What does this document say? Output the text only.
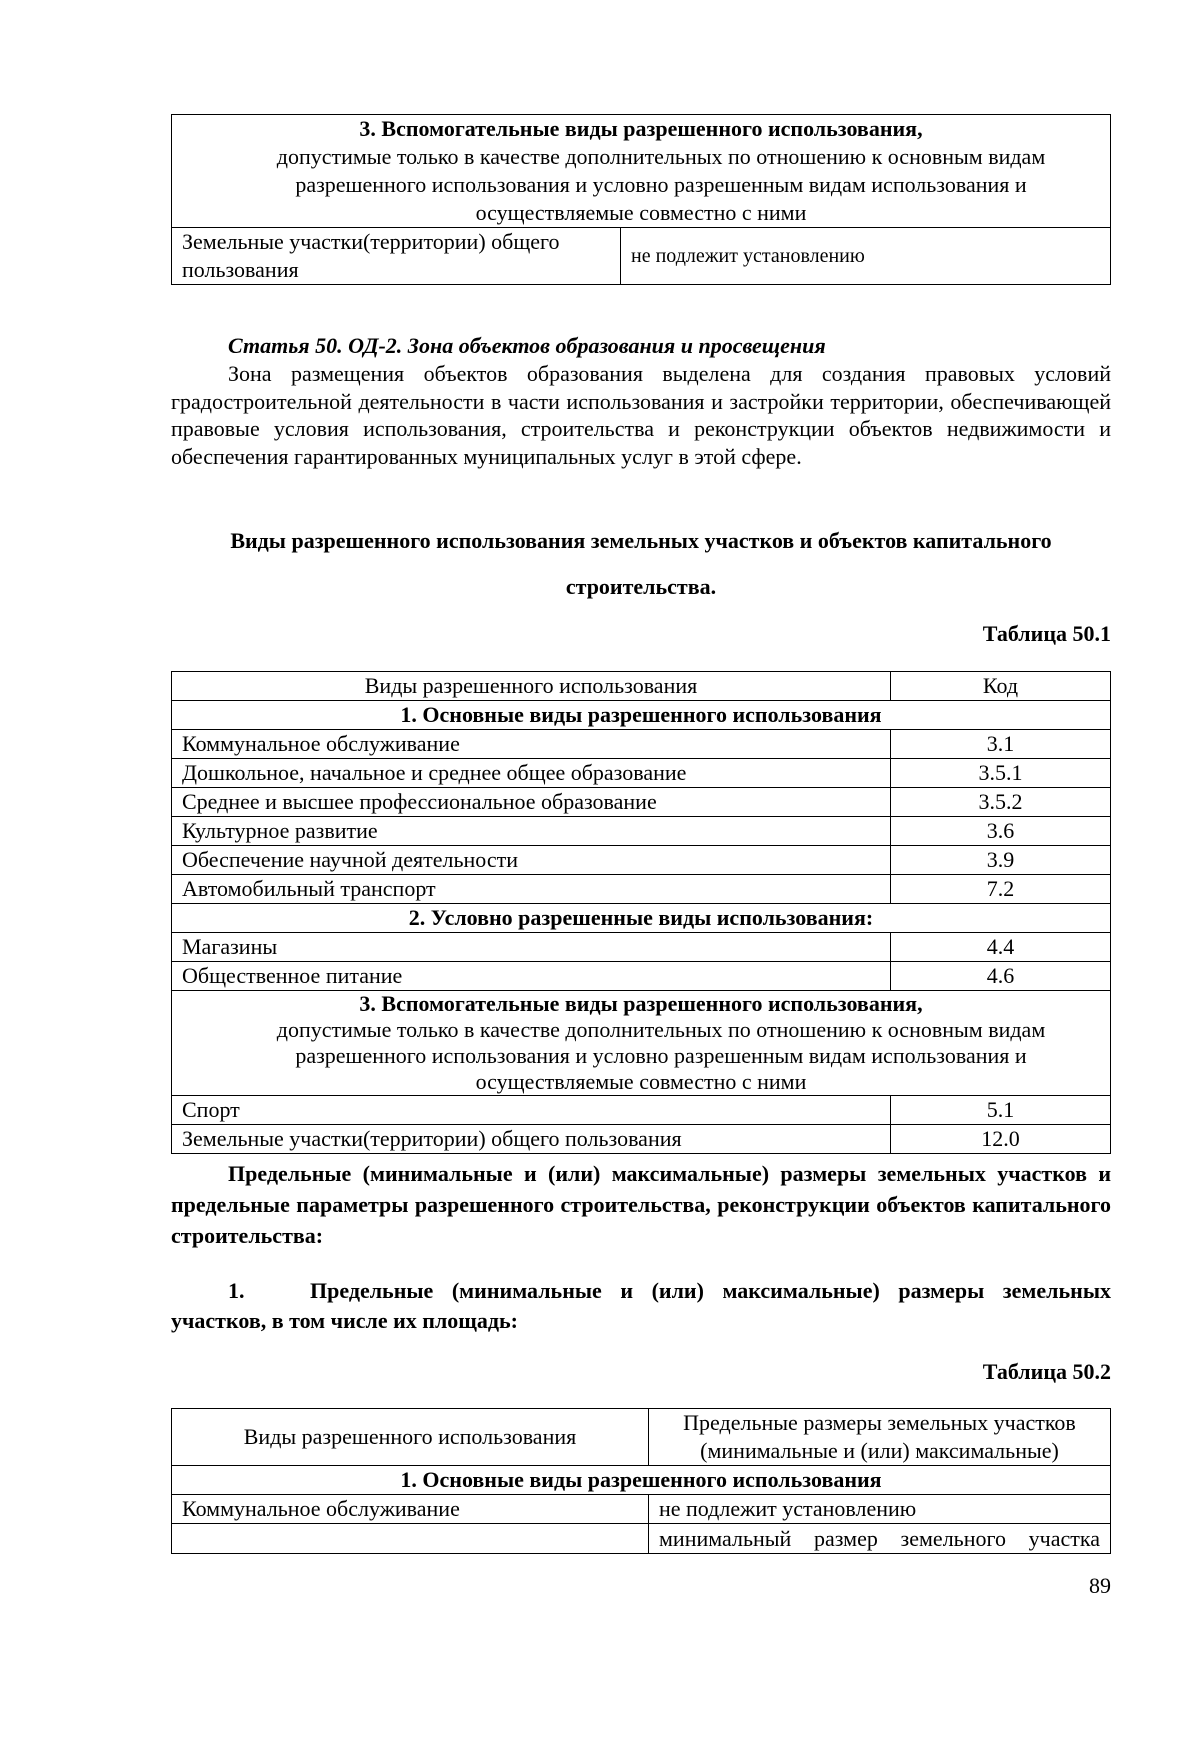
3. Вспомогательные виды разрешенного использования,
допустимые только в качестве дополнительных по отношению к основным видам
разрешенного использования и условно разрешенным видам использования и
осуществляемые совместно с ними

Земельные участки(территории) общего пользования	не подлежит установлению
Статья 50. ОД-2. Зона объектов образования и просвещения
Зона размещения объектов образования выделена для создания правовых условий градостроительной деятельности в части использования и застройки территории, обеспечивающей правовые условия использования, строительства и реконструкции объектов недвижимости и обеспечения гарантированных муниципальных услуг в этой сфере.
Виды разрешенного использования земельных участков и объектов капитального
строительства.
Таблица 50.1
Виды разрешенного использования	Код
1. Основные виды разрешенного использования	
Коммунальное обслуживание	3.1
Дошкольное, начальное и среднее общее образование	3.5.1
Среднее и высшее профессиональное образование	3.5.2
Культурное развитие	3.6
Обеспечение научной деятельности	3.9
Автомобильный транспорт	7.2
2. Условно разрешенные виды использования:	
Магазины	4.4
Общественное питание	4.6

3. Вспомогательные виды разрешенного использования,
допустимые только в качестве дополнительных по отношению к основным видам
разрешенного использования и условно разрешенным видам использования и
осуществляемые совместно с ними	

Спорт	5.1
Земельные участки(территории) общего пользования	12.0
Предельные (минимальные и (или) максимальные) размеры земельных участков и предельные параметры разрешенного строительства, реконструкции объектов капитального строительства:
1.	Предельные (минимальные и (или) максимальные) размеры земельных участков, в том числе их площадь:
Таблица 50.2
Виды разрешенного использования	Предельные размеры земельных участков
(минимальные и (или) максимальные)

1. Основные виды разрешенного использования	
Коммунальное обслуживание	не подлежит установлению
	минимальный размер земельного участка
89
